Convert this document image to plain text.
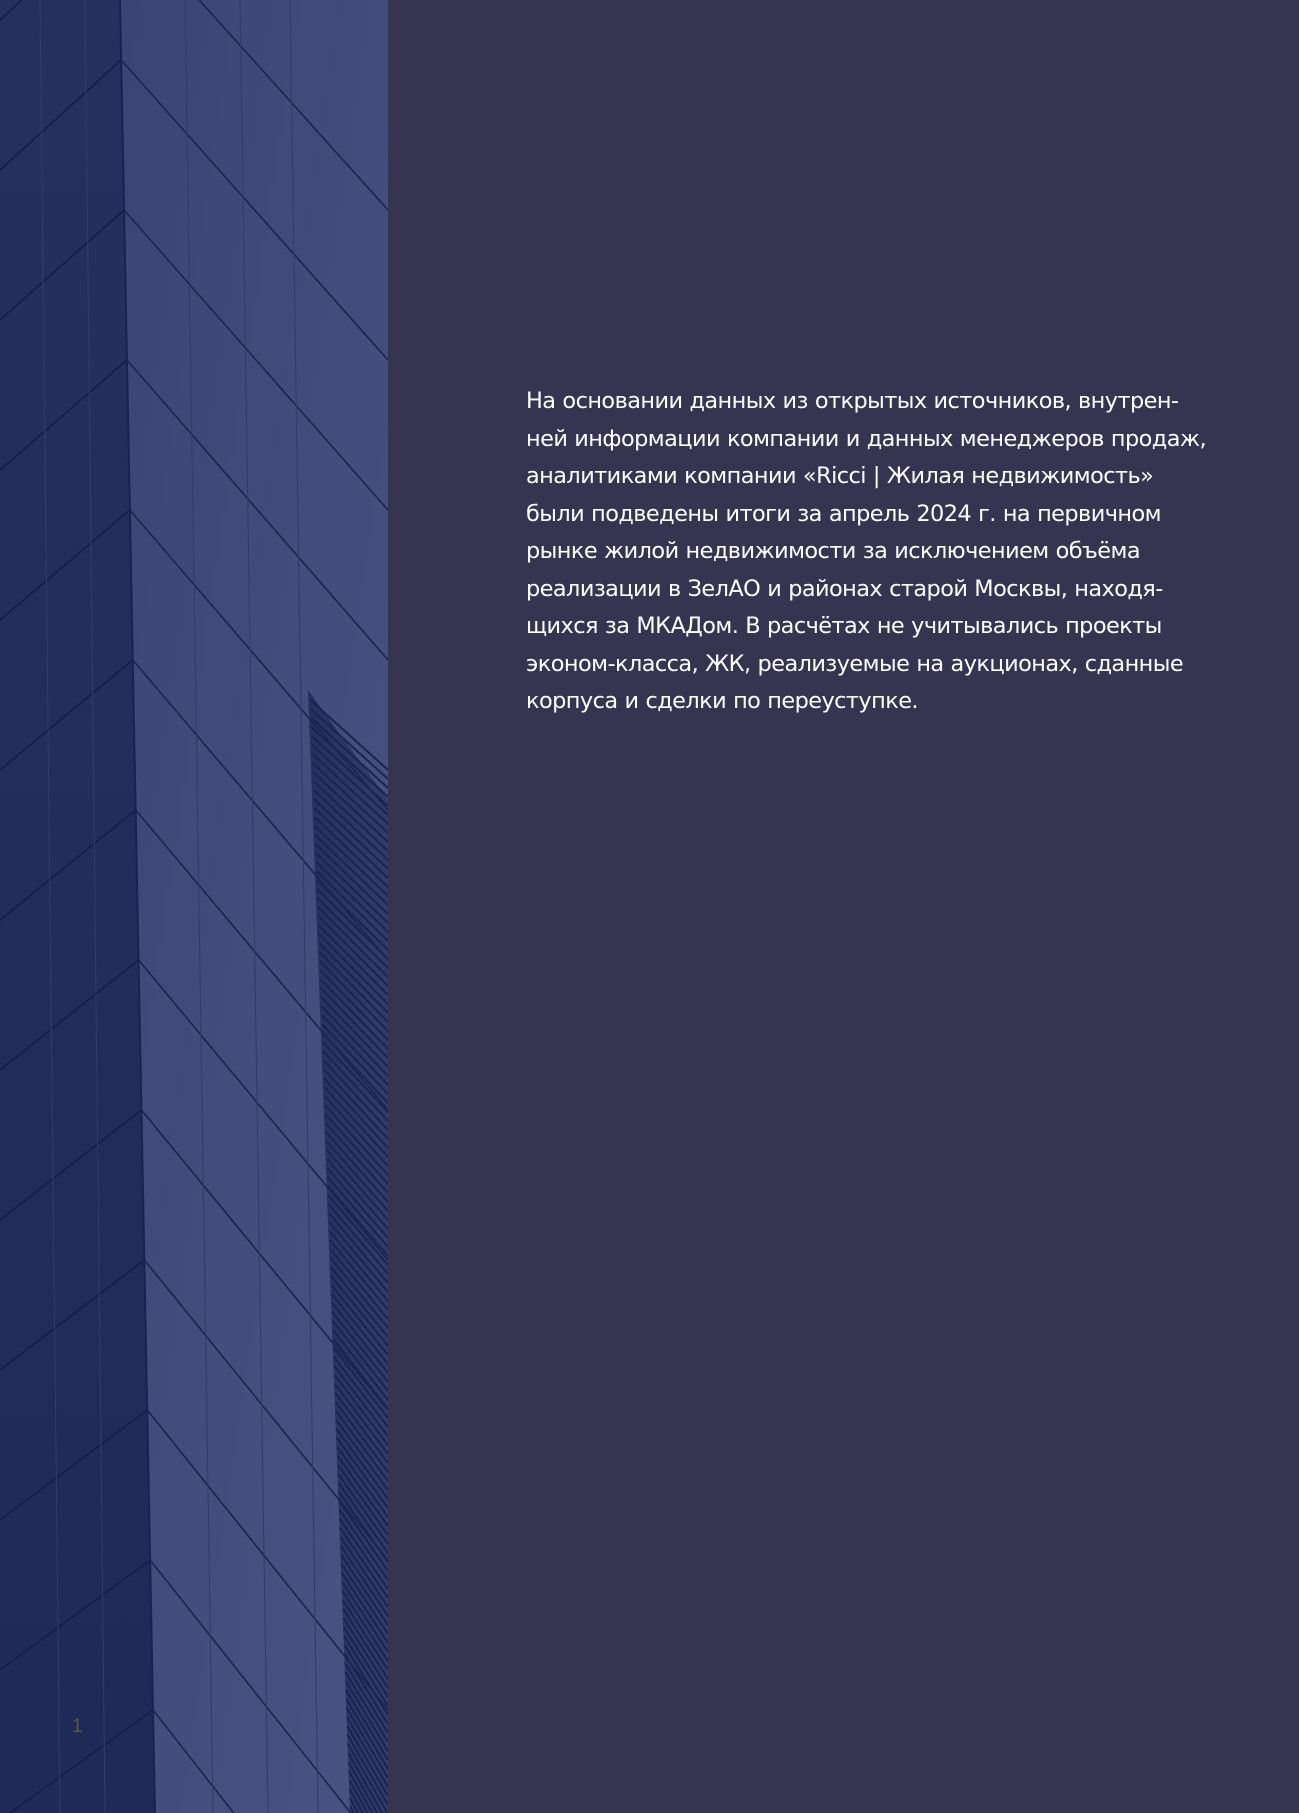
На основании данных из открытых источников, внутрен-
ней информации компании и данных менеджеров продаж,
аналитиками компании «Ricci | Жилая недвижимость»
были подведены итоги за апрель 2024 г. на первичном
рынке жилой недвижимости за исключением объёма
реализации в ЗелАО и районах старой Москвы, находя-
щихся за МКАДом. В расчётах не учитывались проекты
эконом-класса, ЖК, реализуемые на аукционах, сданные
корпуса и сделки по переуступке.
1
